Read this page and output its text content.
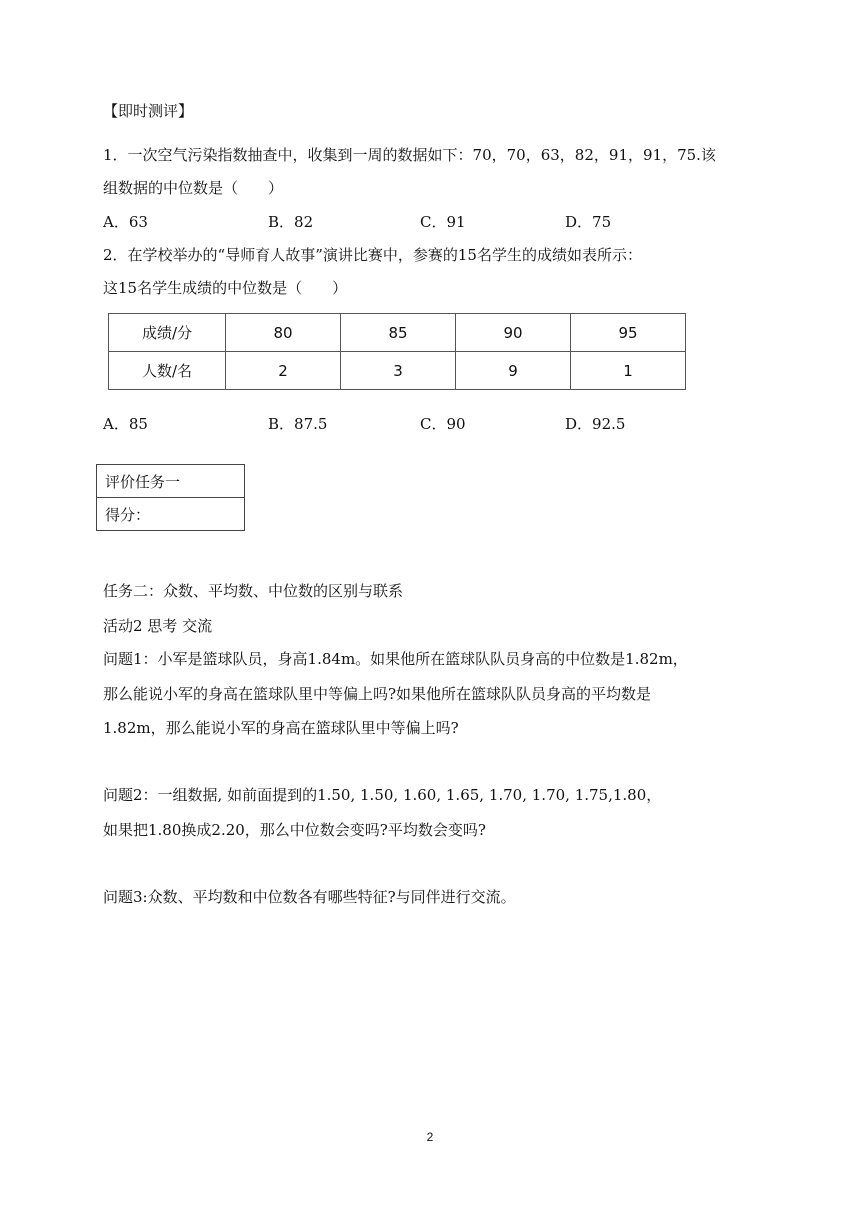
【即时测评】
1．一次空气污染指数抽查中，收集到一周的数据如下：70，70，63，82，91，91，75.该
组数据的中位数是（　　）
A．63	B．82	C．91	D．75
2．在学校举办的“导师育人故事”演讲比赛中，参赛的15名学生的成绩如表所示：
这15名学生成绩的中位数是（　　）
成绩/分	80	85	90	95
人数/名	2	3	9	1
A．85	B．87.5	C．90	D．92.5
评价任务一
得分：
任务二：众数、平均数、中位数的区别与联系
活动2 思考 交流
问题1：小军是篮球队员，身高1.84m。如果他所在篮球队队员身高的中位数是1.82m，
那么能说小军的身高在篮球队里中等偏上吗?如果他所在篮球队队员身高的平均数是
1.82m，那么能说小军的身高在篮球队里中等偏上吗?
问题2：一组数据, 如前面提到的1.50, 1.50, 1.60, 1.65, 1.70, 1.70, 1.75,1.80，
如果把1.80换成2.20，那么中位数会变吗?平均数会变吗?
问题3:众数、平均数和中位数各有哪些特征?与同伴进行交流。
2
